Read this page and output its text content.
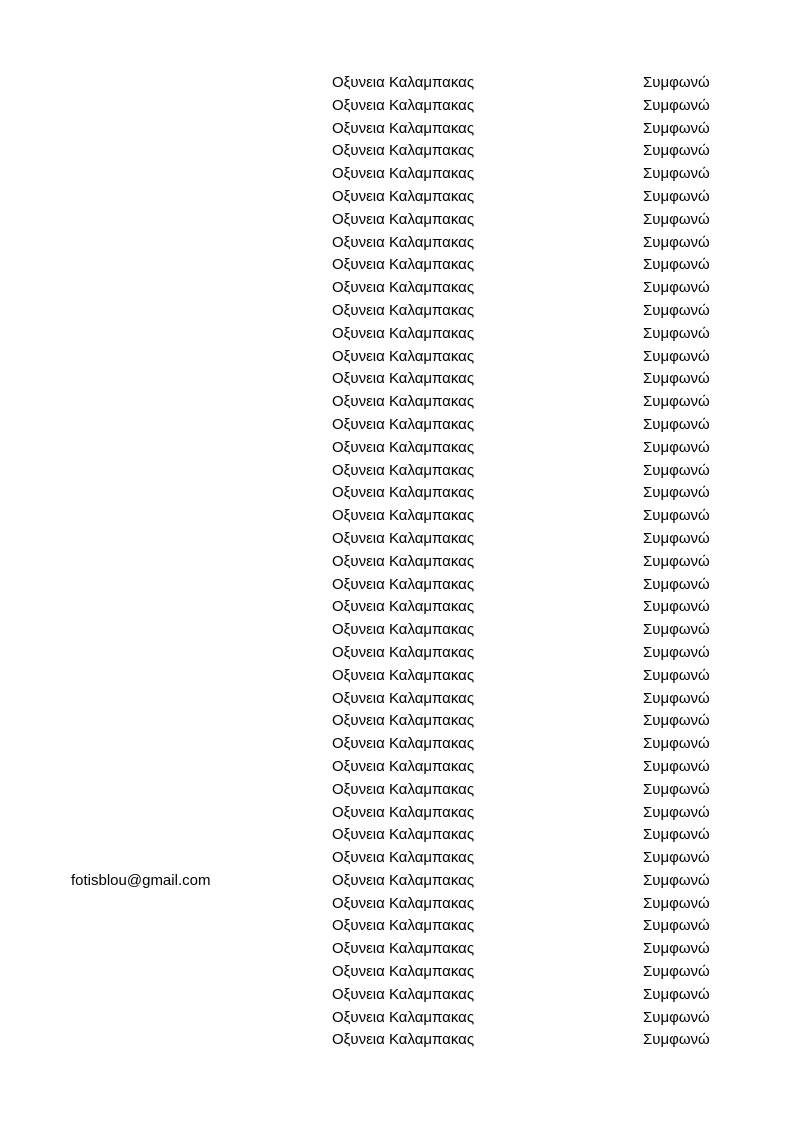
Οξυνεια Καλαμπακας	Συμφωνώ
Οξυνεια Καλαμπακας	Συμφωνώ
Οξυνεια Καλαμπακας	Συμφωνώ
Οξυνεια Καλαμπακας	Συμφωνώ
Οξυνεια Καλαμπακας	Συμφωνώ
Οξυνεια Καλαμπακας	Συμφωνώ
Οξυνεια Καλαμπακας	Συμφωνώ
Οξυνεια Καλαμπακας	Συμφωνώ
Οξυνεια Καλαμπακας	Συμφωνώ
Οξυνεια Καλαμπακας	Συμφωνώ
Οξυνεια Καλαμπακας	Συμφωνώ
Οξυνεια Καλαμπακας	Συμφωνώ
Οξυνεια Καλαμπακας	Συμφωνώ
Οξυνεια Καλαμπακας	Συμφωνώ
Οξυνεια Καλαμπακας	Συμφωνώ
Οξυνεια Καλαμπακας	Συμφωνώ
Οξυνεια Καλαμπακας	Συμφωνώ
Οξυνεια Καλαμπακας	Συμφωνώ
Οξυνεια Καλαμπακας	Συμφωνώ
Οξυνεια Καλαμπακας	Συμφωνώ
Οξυνεια Καλαμπακας	Συμφωνώ
Οξυνεια Καλαμπακας	Συμφωνώ
Οξυνεια Καλαμπακας	Συμφωνώ
Οξυνεια Καλαμπακας	Συμφωνώ
Οξυνεια Καλαμπακας	Συμφωνώ
Οξυνεια Καλαμπακας	Συμφωνώ
Οξυνεια Καλαμπακας	Συμφωνώ
Οξυνεια Καλαμπακας	Συμφωνώ
Οξυνεια Καλαμπακας	Συμφωνώ
Οξυνεια Καλαμπακας	Συμφωνώ
Οξυνεια Καλαμπακας	Συμφωνώ
Οξυνεια Καλαμπακας	Συμφωνώ
Οξυνεια Καλαμπακας	Συμφωνώ
Οξυνεια Καλαμπακας	Συμφωνώ
Οξυνεια Καλαμπακας	Συμφωνώ
fotisblou@gmail.com	Οξυνεια Καλαμπακας	Συμφωνώ
Οξυνεια Καλαμπακας	Συμφωνώ
Οξυνεια Καλαμπακας	Συμφωνώ
Οξυνεια Καλαμπακας	Συμφωνώ
Οξυνεια Καλαμπακας	Συμφωνώ
Οξυνεια Καλαμπακας	Συμφωνώ
Οξυνεια Καλαμπακας	Συμφωνώ
Οξυνεια Καλαμπακας	Συμφωνώ
